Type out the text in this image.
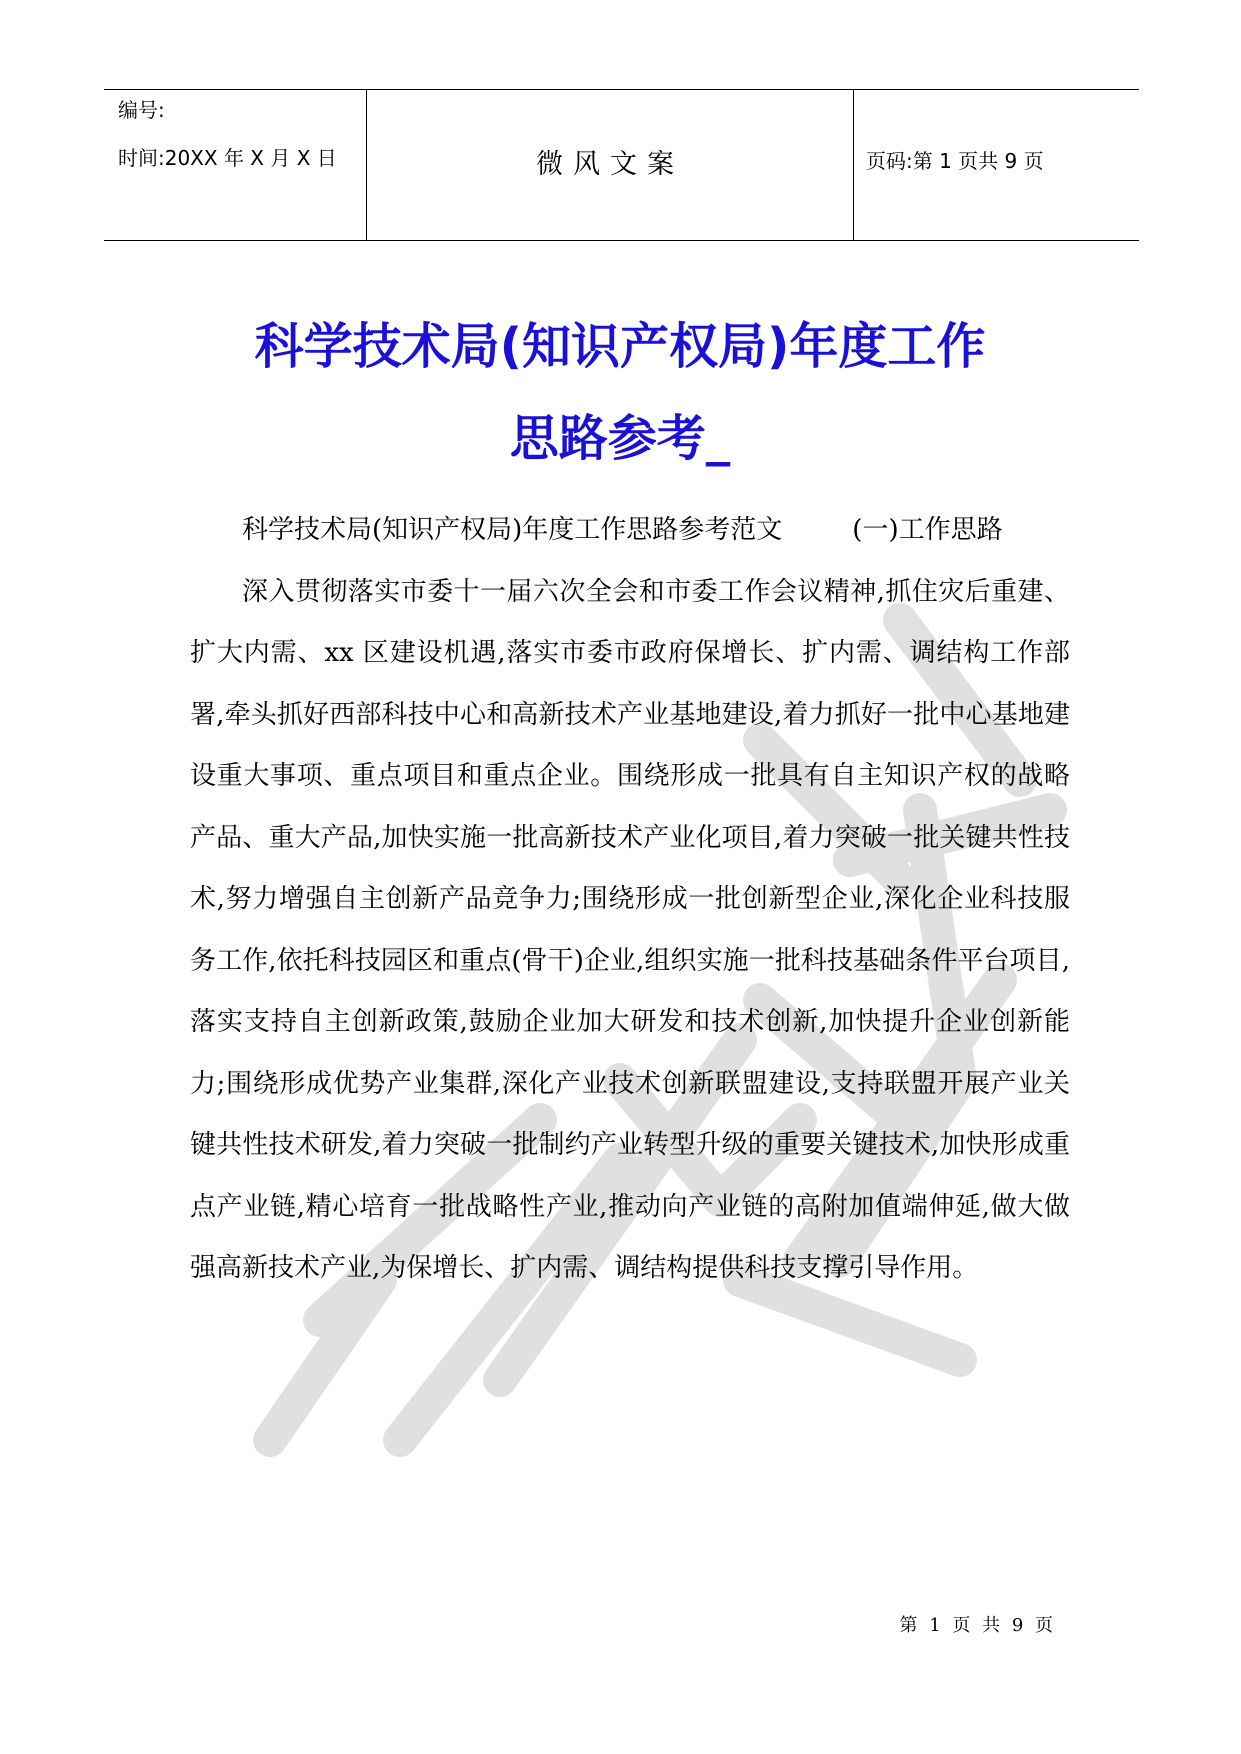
编号:
时间:20XX 年 X 月 X 日	微风文案	页码:第 1 页共 9 页
科学技术局(知识产权局)年度工作
思路参考_

科学技术局(知识产权局)年度工作思路参考范文	(一)工作思路

深入贯彻落实市委十一届六次全会和市委工作会议精神,抓住灾后重建、扩大内需、xx 区建设机遇,落实市委市政府保增长、扩内需、调结构工作部署,牵头抓好西部科技中心和高新技术产业基地建设,着力抓好一批中心基地建设重大事项、重点项目和重点企业。围绕形成一批具有自主知识产权的战略产品、重大产品,加快实施一批高新技术产业化项目,着力突破一批关键共性技术,努力增强自主创新产品竞争力;围绕形成一批创新型企业,深化企业科技服务工作,依托科技园区和重点(骨干)企业,组织实施一批科技基础条件平台项目,落实支持自主创新政策,鼓励企业加大研发和技术创新,加快提升企业创新能力;围绕形成优势产业集群,深化产业技术创新联盟建设,支持联盟开展产业关键共性技术研发,着力突破一批制约产业转型升级的重要关键技术,加快形成重点产业链,精心培育一批战略性产业,推动向产业链的高附加值端伸延,做大做强高新技术产业,为保增长、扩内需、调结构提供科技支撑引导作用。

第 1 页 共 9 页
